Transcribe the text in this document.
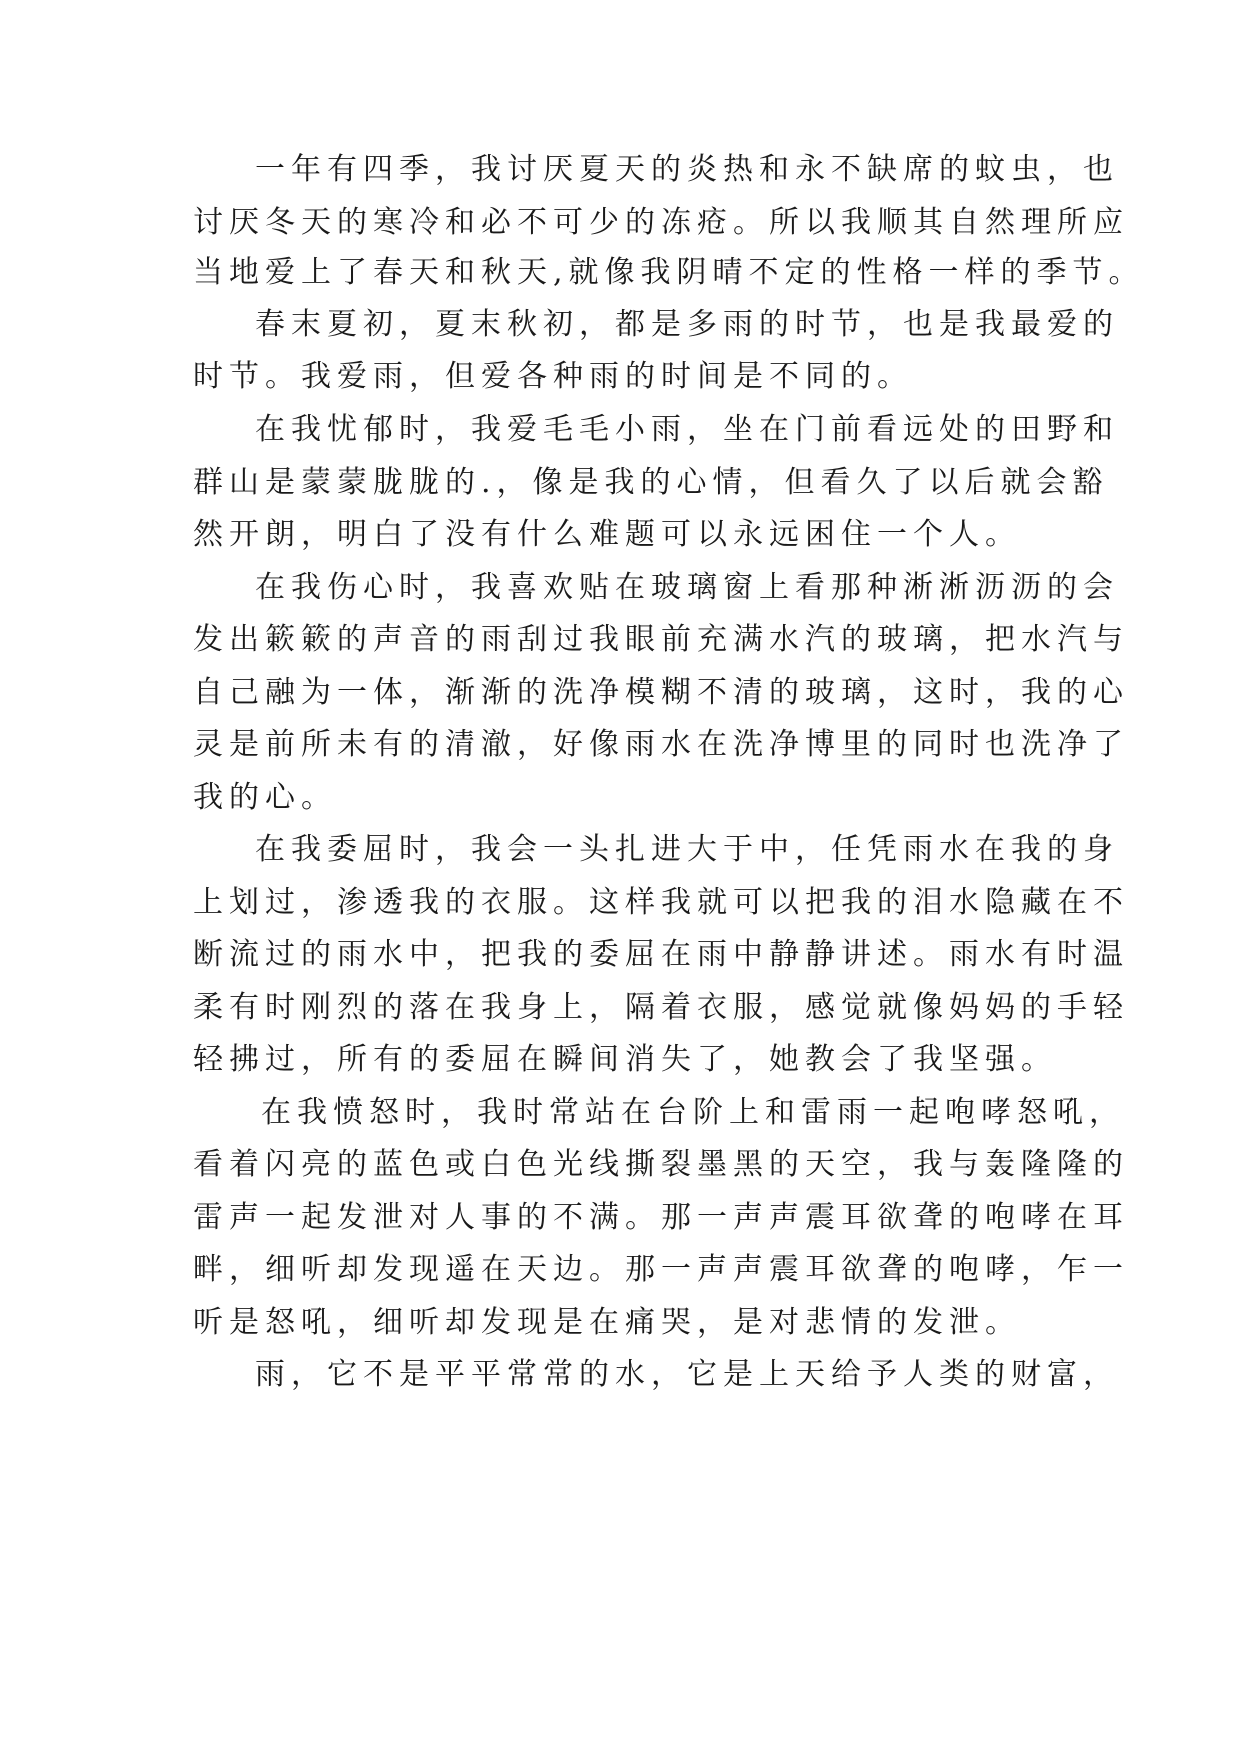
一年有四季，我讨厌夏天的炎热和永不缺席的蚊虫，也
讨厌冬天的寒冷和必不可少的冻疮。所以我顺其自然理所应
当地爱上了春天和秋天,就像我阴晴不定的性格一样的季节。
春末夏初，夏末秋初，都是多雨的时节，也是我最爱的
时节。我爱雨，但爱各种雨的时间是不同的。
在我忧郁时，我爱毛毛小雨，坐在门前看远处的田野和
群山是蒙蒙胧胧的.，像是我的心情，但看久了以后就会豁
然开朗，明白了没有什么难题可以永远困住一个人。
在我伤心时，我喜欢贴在玻璃窗上看那种淅淅沥沥的会
发出簌簌的声音的雨刮过我眼前充满水汽的玻璃，把水汽与
自己融为一体，渐渐的洗净模糊不清的玻璃，这时，我的心
灵是前所未有的清澈，好像雨水在洗净博里的同时也洗净了
我的心。
在我委屈时，我会一头扎进大于中，任凭雨水在我的身
上划过，渗透我的衣服。这样我就可以把我的泪水隐藏在不
断流过的雨水中，把我的委屈在雨中静静讲述。雨水有时温
柔有时刚烈的落在我身上，隔着衣服，感觉就像妈妈的手轻
轻拂过，所有的委屈在瞬间消失了，她教会了我坚强。
在我愤怒时，我时常站在台阶上和雷雨一起咆哮怒吼，
看着闪亮的蓝色或白色光线撕裂墨黑的天空，我与轰隆隆的
雷声一起发泄对人事的不满。那一声声震耳欲聋的咆哮在耳
畔，细听却发现遥在天边。那一声声震耳欲聋的咆哮，乍一
听是怒吼，细听却发现是在痛哭，是对悲情的发泄。
雨，它不是平平常常的水，它是上天给予人类的财富，
